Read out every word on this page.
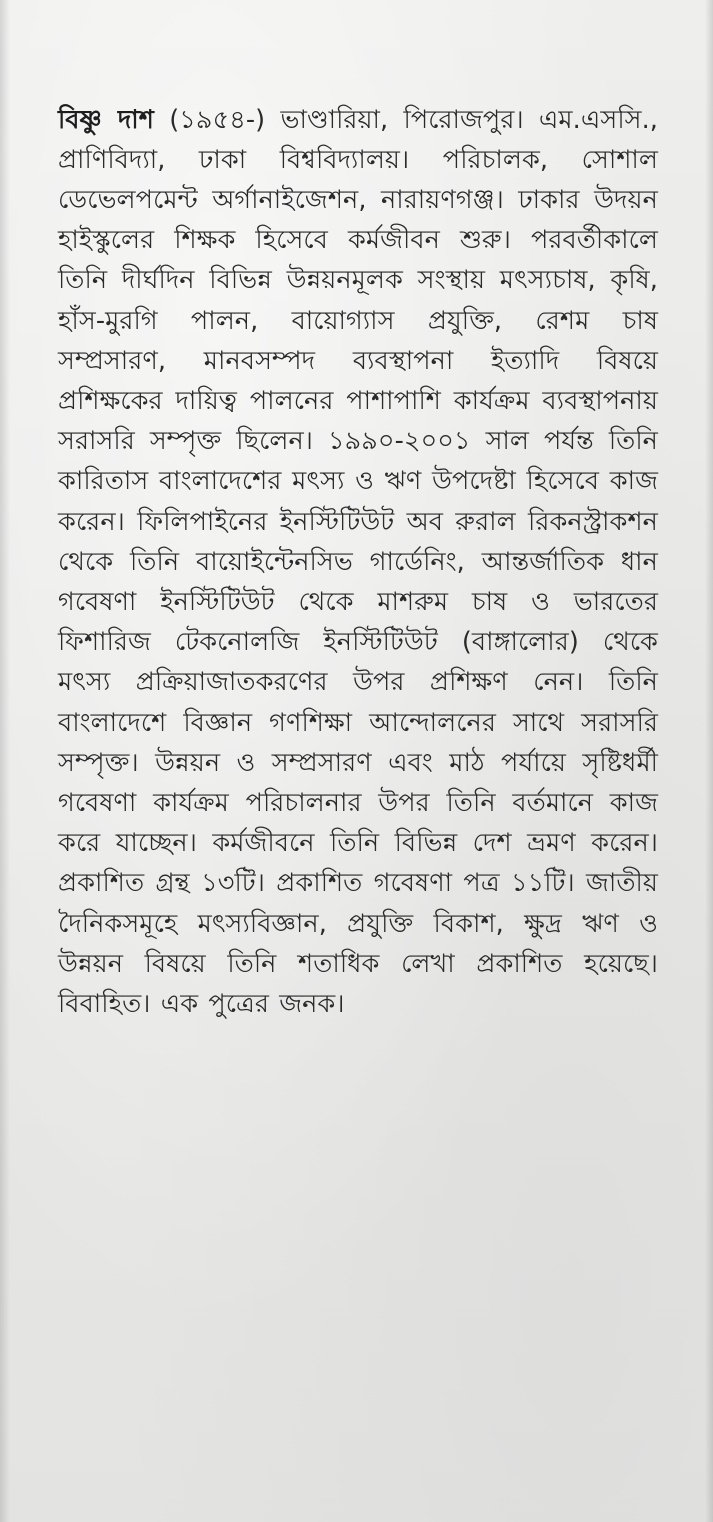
বিষ্ণু দাশ (১৯৫৪-) ভাণ্ডারিয়া, পিরোজপুর। এম.এসসি., প্রাণিবিদ্যা, ঢাকা বিশ্ববিদ্যালয়। পরিচালক, সোশাল ডেভেলপমেন্ট অর্গানাইজেশন, নারায়ণগঞ্জ। ঢাকার উদয়ন হাইস্কুলের শিক্ষক হিসেবে কর্মজীবন শুরু। পরবর্তীকালে তিনি দীর্ঘদিন বিভিন্ন উন্নয়নমূলক সংস্থায় মৎস্যচাষ, কৃষি, হাঁস-মুরগি পালন, বায়োগ্যাস প্রযুক্তি, রেশম চাষ সম্প্রসারণ, মানবসম্পদ ব্যবস্থাপনা ইত্যাদি বিষয়ে প্রশিক্ষকের দায়িত্ব পালনের পাশাপাশি কার্যক্রম ব্যবস্থাপনায় সরাসরি সম্পৃক্ত ছিলেন। ১৯৯০-২০০১ সাল পর্যন্ত তিনি কারিতাস বাংলাদেশের মৎস্য ও ঋণ উপদেষ্টা হিসেবে কাজ করেন। ফিলিপাইনের ইনস্টিটিউট অব রুরাল রিকনস্ট্রাকশন থেকে তিনি বায়োইন্টেনসিভ গার্ডেনিং, আন্তর্জাতিক ধান গবেষণা ইনস্টিটিউট থেকে মাশরুম চাষ ও ভারতের ফিশারিজ টেকনোলজি ইনস্টিটিউট (বাঙ্গালোর) থেকে মৎস্য প্রক্রিয়াজাতকরণের উপর প্রশিক্ষণ নেন। তিনি বাংলাদেশে বিজ্ঞান গণশিক্ষা আন্দোলনের সাথে সরাসরি সম্পৃক্ত। উন্নয়ন ও সম্প্রসারণ এবং মাঠ পর্যায়ে সৃষ্টিধর্মী গবেষণা কার্যক্রম পরিচালনার উপর তিনি বর্তমানে কাজ করে যাচ্ছেন। কর্মজীবনে তিনি বিভিন্ন দেশ ভ্রমণ করেন। প্রকাশিত গ্রন্থ ১৩টি। প্রকাশিত গবেষণা পত্র ১১টি। জাতীয় দৈনিকসমূহে মৎস্যবিজ্ঞান, প্রযুক্তি বিকাশ, ক্ষুদ্র ঋণ ও উন্নয়ন বিষয়ে তিনি শতাধিক লেখা প্রকাশিত হয়েছে। বিবাহিত। এক পুত্রের জনক।
